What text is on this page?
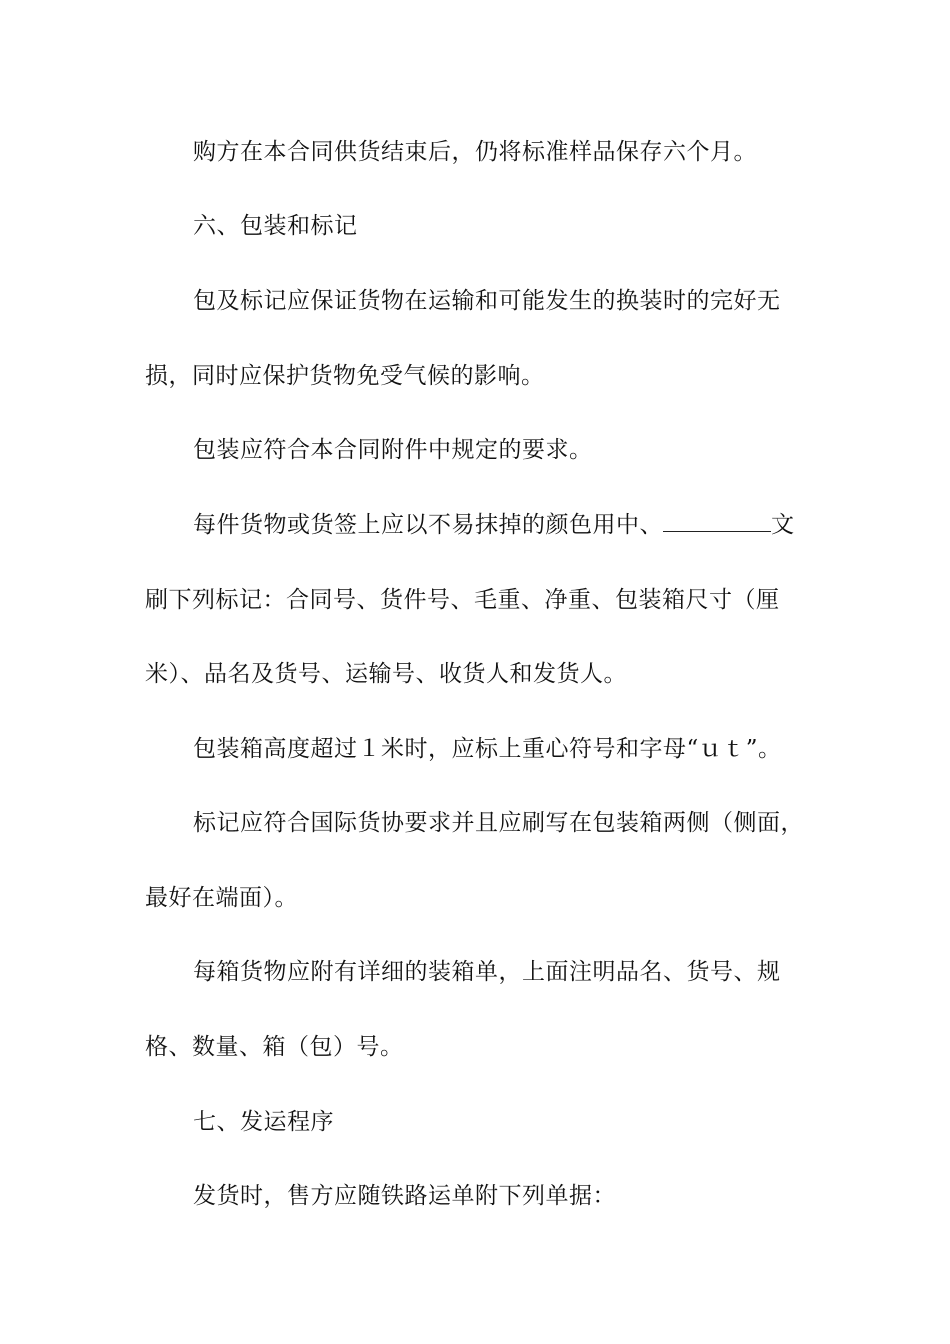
购方在本合同供货结束后，仍将标准样品保存六个月。
六、包装和标记
包及标记应保证货物在运输和可能发生的换装时的完好无
损，同时应保护货物免受气候的影响。
包装应符合本合同附件中规定的要求。
每件货物或货签上应以不易抹掉的颜色用中、	文
刷下列标记：合同号、货件号、毛重、净重、包装箱尺寸（厘
米）、品名及货号、运输号、收货人和发货人。
包装箱高度超过１米时，应标上重心符号和字母“ｕｔ”。
标记应符合国际货协要求并且应刷写在包装箱两侧（侧面，
最好在端面）。
每箱货物应附有详细的装箱单，上面注明品名、货号、规
格、数量、箱（包）号。
七、发运程序
发货时，售方应随铁路运单附下列单据：
